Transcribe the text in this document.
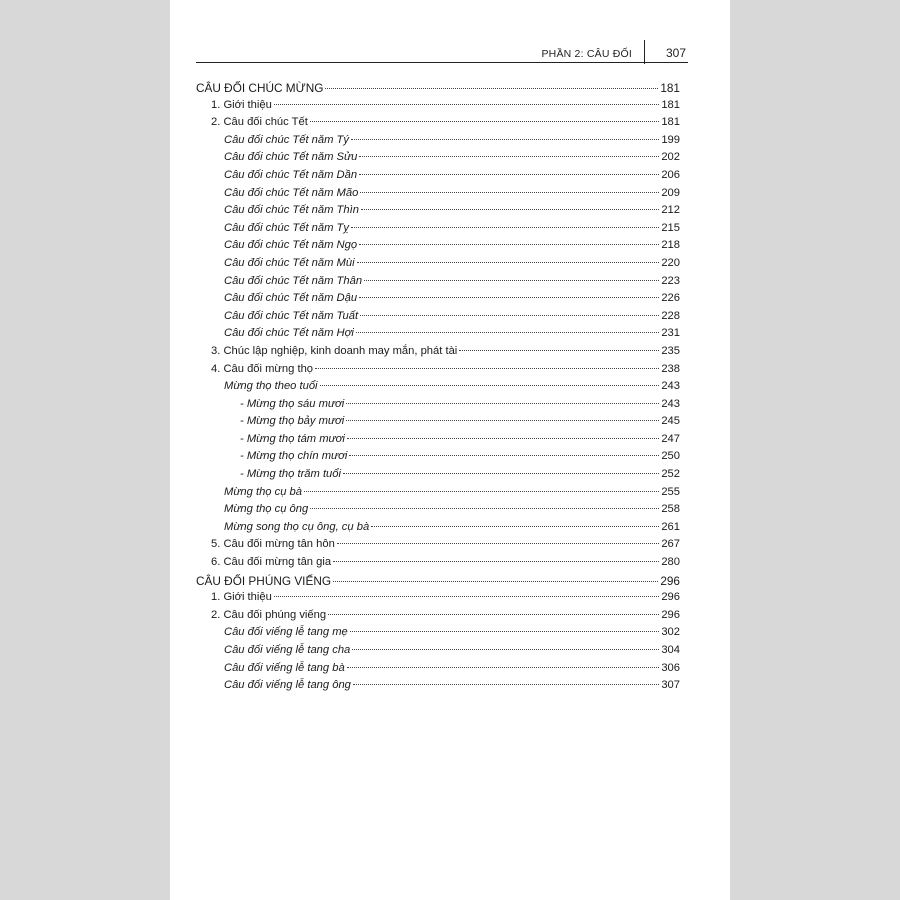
PHẦN 2: CÂU ĐỐI	307
CÂU ĐỐI CHÚC MỪNG	181
1. Giới thiệu	181
2. Câu đối chúc Tết	181
Câu đối chúc Tết năm Tý	199
Câu đối chúc Tết năm Sửu	202
Câu đối chúc Tết năm Dần	206
Câu đối chúc Tết năm Mão	209
Câu đối chúc Tết năm Thìn	212
Câu đối chúc Tết năm Tỵ	215
Câu đối chúc Tết năm Ngọ	218
Câu đối chúc Tết năm Mùi	220
Câu đối chúc Tết năm Thân	223
Câu đối chúc Tết năm Dậu	226
Câu đối chúc Tết năm Tuất	228
Câu đối chúc Tết năm Hợi	231
3. Chúc lập nghiệp, kinh doanh may mắn, phát tài	235
4. Câu đối mừng thọ	238
Mừng thọ theo tuổi	243
- Mừng thọ sáu mươi	243
- Mừng thọ bảy mươi	245
- Mừng thọ tám mươi	247
- Mừng thọ chín mươi	250
- Mừng thọ trăm tuổi	252
Mừng thọ cụ bà	255
Mừng thọ cụ ông	258
Mừng song thọ cụ ông, cụ bà	261
5. Câu đối mừng tân hôn	267
6. Câu đối mừng tân gia	280
CÂU ĐỐI PHÚNG VIẾNG	296
1. Giới thiệu	296
2. Câu đối phúng viếng	296
Câu đối viếng lễ tang mẹ	302
Câu đối viếng lễ tang cha	304
Câu đối viếng lễ tang bà	306
Câu đối viếng lễ tang ông	307
